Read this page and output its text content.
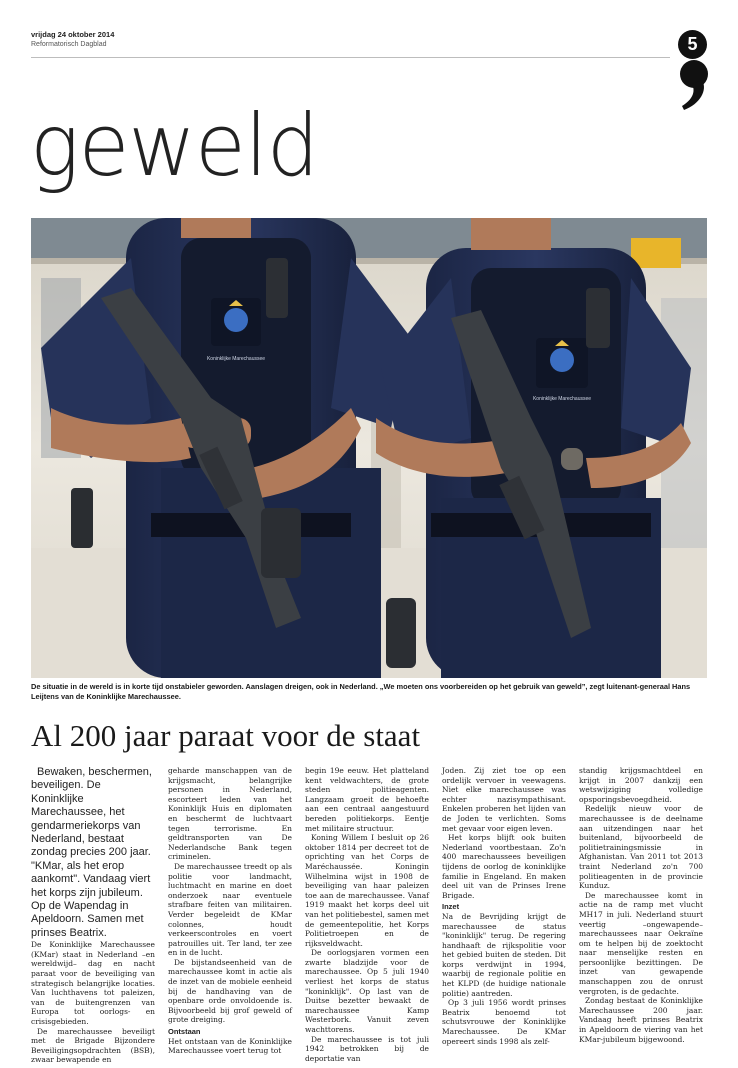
vrijdag 24 oktober 2014
Reformatorisch Dagblad	5
geweld
Koninklijke Marechaussee
Koninklijke Marechaussee
De situatie in de wereld is in korte tijd onstabieler geworden. Aanslagen dreigen, ook in Nederland. „We moeten ons voorbereiden op het gebruik van geweld”, zegt luitenant-generaal Hans Leijtens van de Koninklijke Marechaussee.
Al 200 jaar paraat voor de staat

Bewaken, beschermen, beveiligen. De Koninklijke Marechaussee, het gendarmeriekorps van Nederland, bestaat zondag precies 200 jaar. "KMar, als het erop aankomt". Vandaag viert het korps zijn jubileum. Op de Wapendag in Apeldoorn. Samen met prinses Beatrix.

De Koninklijke Marechaussee (KMar) staat in Nederland –en wereldwijd– dag en nacht paraat voor de beveiliging van strategisch belangrijke locaties. Van luchthavens tot paleizen, van de buitengrenzen van Europa tot oorlogs- en crisisgebieden.

De marechaussee beveiligt met de Brigade Bijzondere Beveiligingsopdrachten (BSB), zwaar bewapende en

geharde manschappen van de krijgsmacht, belangrijke personen in Nederland, escorteert leden van het Koninklijk Huis en diplomaten en beschermt de luchtvaart tegen terrorisme. En geldtransporten van De Nederlandsche Bank tegen criminelen.

De marechaussee treedt op als politie voor landmacht, luchtmacht en marine en doet onderzoek naar eventuele strafbare feiten van militairen. Verder begeleidt de KMar colonnes, houdt verkeerscontroles en voert patrouilles uit. Ter land, ter zee en in de lucht.

De bijstandseenheid van de marechaussee komt in actie als de inzet van de mobiele eenheid bij de handhaving van de openbare orde onvoldoende is. Bijvoorbeeld bij grof geweld of grote dreiging.

Ontstaan

Het ontstaan van de Koninklijke Marechaussee voert terug tot

begin 19e eeuw. Het platteland kent veldwachters, de grote steden politieagenten. Langzaam groeit de behoefte aan een centraal aangestuurd bereden politiekorps. Eentje met militaire structuur.

Koning Willem I besluit op 26 oktober 1814 per decreet tot de oprichting van het Corps de Maréchaussée. Koningin Wilhelmina wijst in 1908 de beveiliging van haar paleizen toe aan de marechaussee. Vanaf 1919 maakt het korps deel uit van het politiebestel, samen met de gemeentepolitie, het Korps Politietroepen en de rijksveldwacht.

De oorlogsjaren vormen een zwarte bladzijde voor de marechaussee. Op 5 juli 1940 verliest het korps de status "koninklijk". Op last van de Duitse bezetter bewaakt de marechaussee Kamp Westerbork. Vanuit zeven wachttorens.

De marechaussee is tot juli 1942 betrokken bij de deportatie van

Joden. Zij ziet toe op een ordelijk vervoer in veewagens. Niet elke marechaussee was echter nazisympathisant. Enkelen proberen het lijden van de Joden te verlichten. Soms met gevaar voor eigen leven.

Het korps blijft ook buiten Nederland voortbestaan. Zo'n 400 marechaussees beveiligen tijdens de oorlog de koninklijke familie in Engeland. En maken deel uit van de Prinses Irene Brigade.

Inzet

Na de Bevrijding krijgt de marechaussee de status "koninklijk" terug. De regering handhaaft de rijkspolitie voor het gebied buiten de steden. Dit korps verdwijnt in 1994, waarbij de regionale politie en het KLPD (de huidige nationale politie) aantreden.

Op 3 juli 1956 wordt prinses Beatrix benoemd tot schutsvrouwe der Koninklijke Marechaussee. De KMar opereert sinds 1998 als zelf-

standig krijgsmachtdeel en krijgt in 2007 dankzij een wetswijziging volledige opsporingsbevoegdheid.

Redelijk nieuw voor de marechaussee is de deelname aan uitzendingen naar het buitenland, bijvoorbeeld de politietrainingsmissie in Afghanistan. Van 2011 tot 2013 traint Nederland zo'n 700 politieagenten in de provincie Kunduz.

De marechaussee komt in actie na de ramp met vlucht MH17 in juli. Nederland stuurt veertig –ongewapende– marechaussees naar Oekraïne om te helpen bij de zoektocht naar menselijke resten en persoonlijke bezittingen. De inzet van gewapende manschappen zou de onrust vergroten, is de gedachte.

Zondag bestaat de Koninklijke Marechaussee 200 jaar. Vandaag heeft prinses Beatrix in Apeldoorn de viering van het KMar-jubileum bijgewoond.
